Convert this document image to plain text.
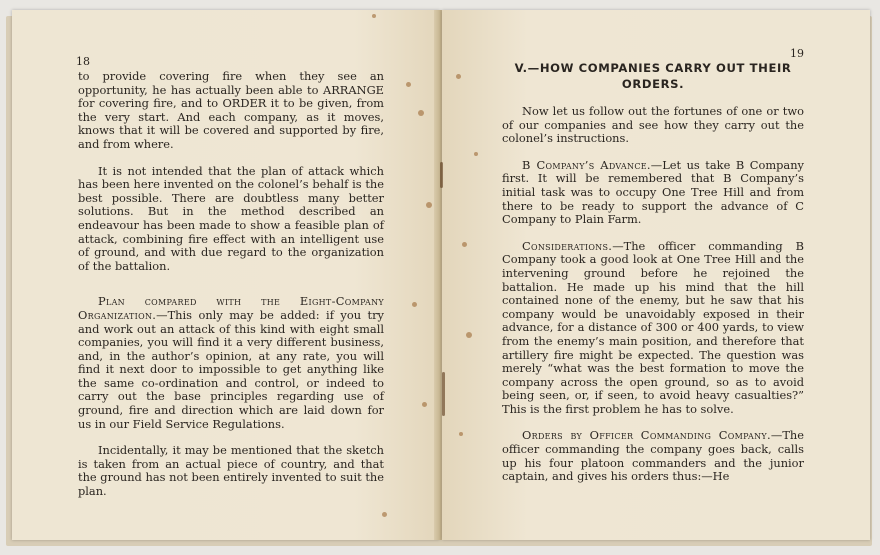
18

to provide covering fire when they see an opportunity, he has actually been able to ARRANGE for covering fire, and to ORDER it to be given, from the very start. And each company, as it moves, knows that it will be covered and supported by fire, and from where.

It is not intended that the plan of attack which has been here invented on the colonel’s behalf is the best possible. There are doubtless many better solutions. But in the method described an endeavour has been made to show a feasible plan of attack, combining fire effect with an intelligent use of ground, and with due regard to the organization of the battalion.

Plan compared with the Eight-Company Organization.—This only may be added: if you try and work out an attack of this kind with eight small companies, you will find it a very different business, and, in the author’s opinion, at any rate, you will find it next door to impossible to get anything like the same co-ordination and control, or indeed to carry out the base principles regarding use of ground, fire and direction which are laid down for us in our Field Service Regulations.

Incidentally, it may be mentioned that the sketch is taken from an actual piece of country, and that the ground has not been entirely invented to suit the plan.

19
V.—HOW COMPANIES CARRY OUT THEIR ORDERS.

Now let us follow out the fortunes of one or two of our companies and see how they carry out the colonel’s instructions.

B Company’s Advance.—Let us take B Company first. It will be remembered that B Company’s initial task was to occupy One Tree Hill and from there to be ready to support the advance of C Company to Plain Farm.

Considerations.—The officer commanding B Company took a good look at One Tree Hill and the intervening ground before he rejoined the battalion. He made up his mind that the hill contained none of the enemy, but he saw that his company would be unavoidably exposed in their advance, for a distance of 300 or 400 yards, to view from the enemy’s main position, and therefore that artillery fire might be expected. The question was merely “what was the best formation to move the company across the open ground, so as to avoid being seen, or, if seen, to avoid heavy casualties?” This is the first problem he has to solve.

Orders by Officer Commanding Company.—The officer commanding the company goes back, calls up his four platoon commanders and the junior captain, and gives his orders thus:—He
